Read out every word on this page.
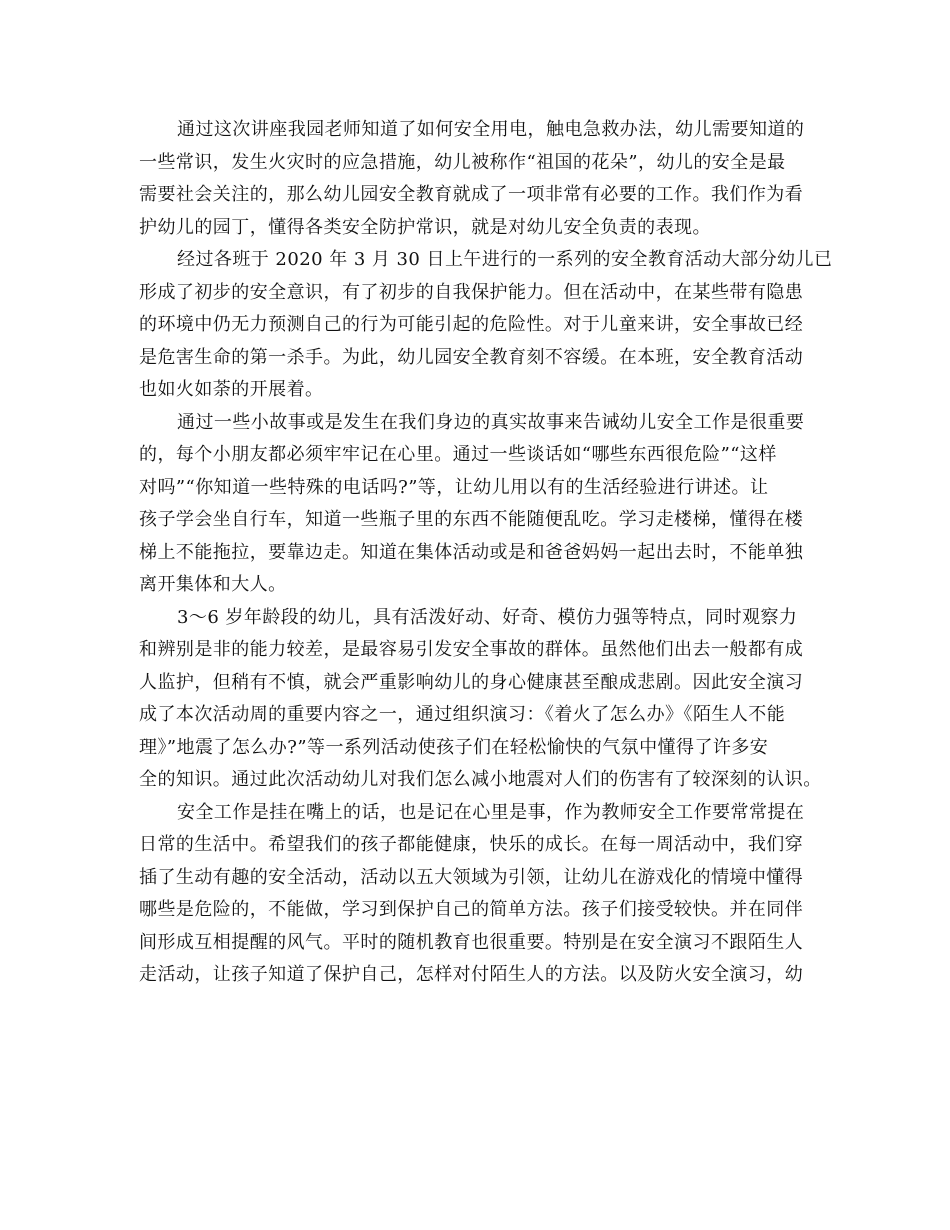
通过这次讲座我园老师知道了如何安全用电，触电急救办法，幼儿需要知道的
一些常识，发生火灾时的应急措施，幼儿被称作“祖国的花朵”，幼儿的安全是最
需要社会关注的，那么幼儿园安全教育就成了一项非常有必要的工作。我们作为看
护幼儿的园丁，懂得各类安全防护常识，就是对幼儿安全负责的表现。
经过各班于 2020 年 3 月 30 日上午进行的一系列的安全教育活动大部分幼儿已
形成了初步的安全意识，有了初步的自我保护能力。但在活动中，在某些带有隐患
的环境中仍无力预测自己的行为可能引起的危险性。对于儿童来讲，安全事故已经
是危害生命的第一杀手。为此，幼儿园安全教育刻不容缓。在本班，安全教育活动
也如火如荼的开展着。
通过一些小故事或是发生在我们身边的真实故事来告诫幼儿安全工作是很重要
的，每个小朋友都必须牢牢记在心里。通过一些谈话如“哪些东西很危险”“这样
对吗”“你知道一些特殊的电话吗?”等，让幼儿用以有的生活经验进行讲述。让
孩子学会坐自行车，知道一些瓶子里的东西不能随便乱吃。学习走楼梯，懂得在楼
梯上不能拖拉，要靠边走。知道在集体活动或是和爸爸妈妈一起出去时，不能单独
离开集体和大人。
3～6 岁年龄段的幼儿，具有活泼好动、好奇、模仿力强等特点，同时观察力
和辨别是非的能力较差，是最容易引发安全事故的群体。虽然他们出去一般都有成
人监护，但稍有不慎，就会严重影响幼儿的身心健康甚至酿成悲剧。因此安全演习
成了本次活动周的重要内容之一，通过组织演习：《着火了怎么办》《陌生人不能
理》”地震了怎么办?”等一系列活动使孩子们在轻松愉快的气氛中懂得了许多安
全的知识。通过此次活动幼儿对我们怎么减小地震对人们的伤害有了较深刻的认识。
安全工作是挂在嘴上的话，也是记在心里是事，作为教师安全工作要常常提在
日常的生活中。希望我们的孩子都能健康，快乐的成长。在每一周活动中，我们穿
插了生动有趣的安全活动，活动以五大领域为引领，让幼儿在游戏化的情境中懂得
哪些是危险的，不能做，学习到保护自己的简单方法。孩子们接受较快。并在同伴
间形成互相提醒的风气。平时的随机教育也很重要。特别是在安全演习不跟陌生人
走活动，让孩子知道了保护自己，怎样对付陌生人的方法。以及防火安全演习，幼
